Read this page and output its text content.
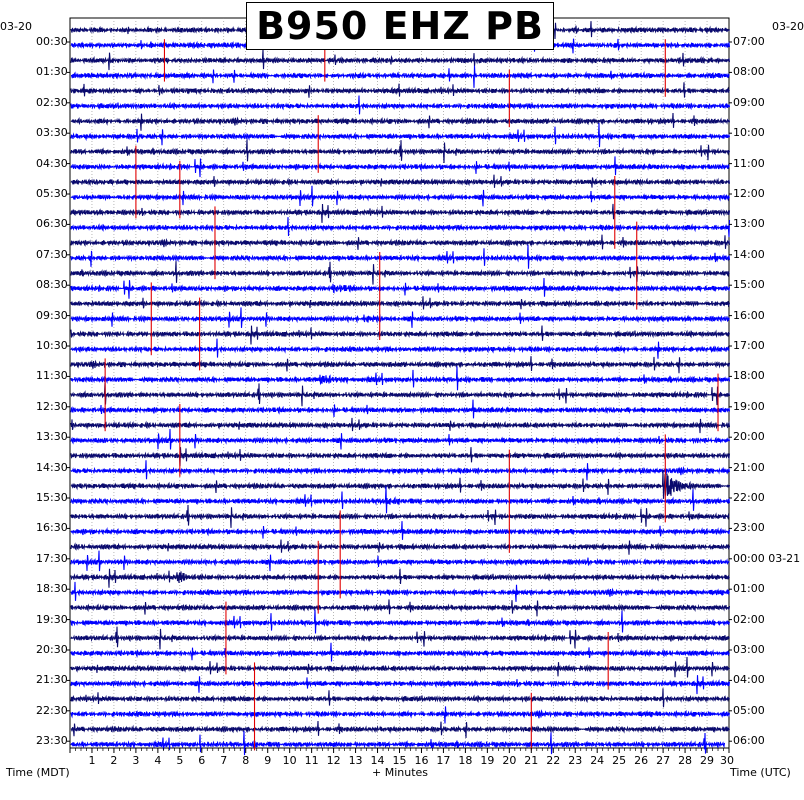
00:30
01:30
02:30
03:30
04:30
05:30
06:30
07:30
08:30
09:30
10:30
11:30
12:30
13:30
14:30
15:30
16:30
17:30
18:30
19:30
20:30
21:30
22:30
23:30
07:00
08:00
09:00
10:00
11:00
12:00
13:00
14:00
15:00
16:00
17:00
18:00
19:00
20:00
21:00
22:00
23:00
00:00 03-21
01:00
02:00
03:00
04:00
05:00
06:00
1 2 3 4 5 6 7 8 9 10 11 12 13 14 15 16 17 18 19 20 21 22 23 24 25 26 27 28 29 30
03-20	03-20
Time (MDT)	+ Minutes	Time (UTC)
B950 EHZ PB
